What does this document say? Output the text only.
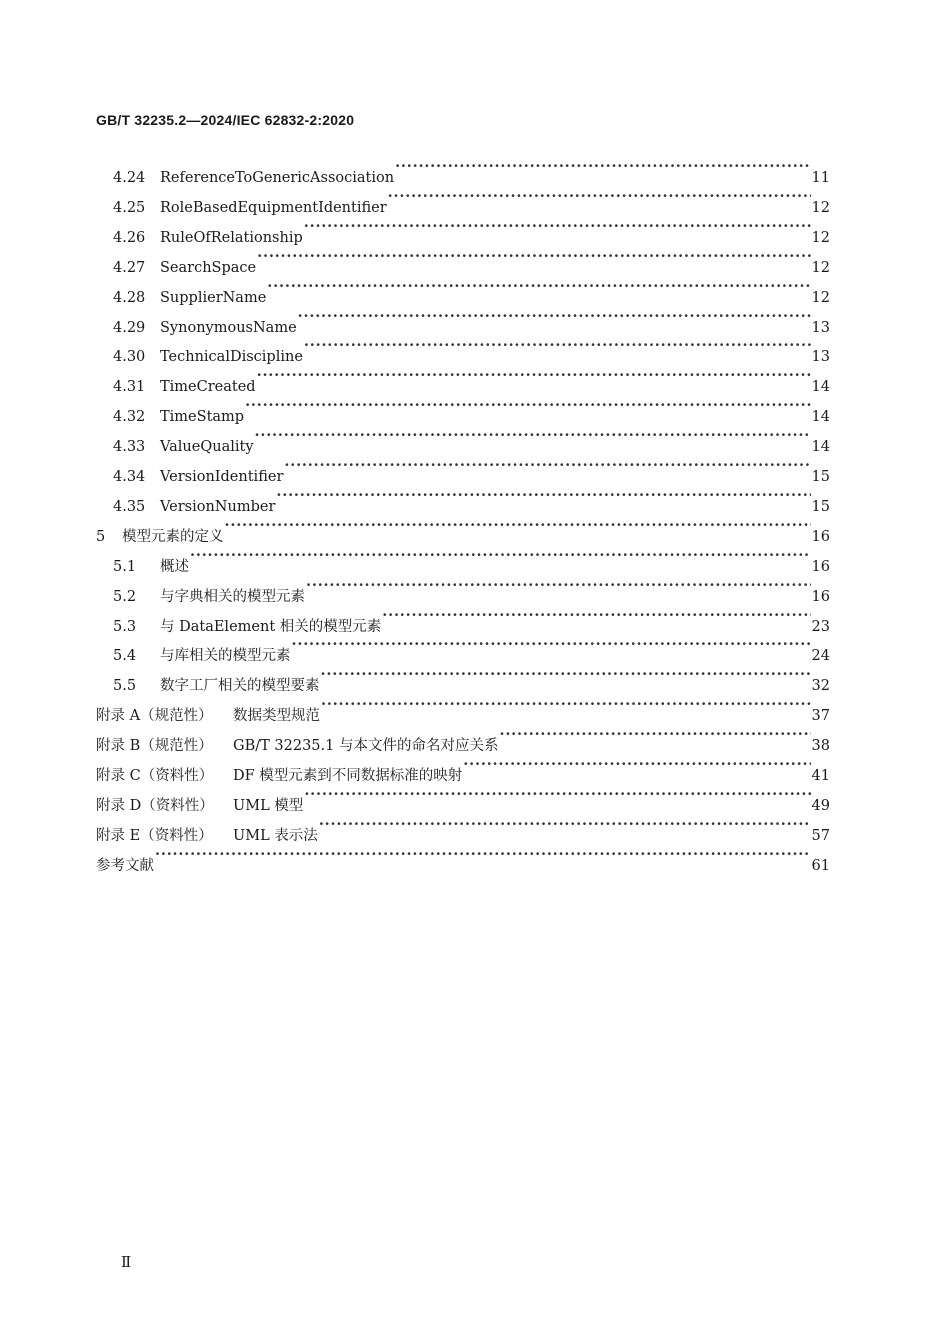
GB/T 32235.2—2024/IEC 62832-2:2020
4.24	ReferenceToGenericAssociation ·····	11
4.25	RoleBasedEquipmentIdentifier ·····	12
4.26	RuleOfRelationship ·····	12
4.27	SearchSpace ·····	12
4.28	SupplierName ·····	12
4.29	SynonymousName ·····	13
4.30	TechnicalDiscipline ·····	13
4.31	TimeCreated ·····	14
4.32	TimeStamp ·····	14
4.33	ValueQuality ·····	14
4.34	VersionIdentifier ·····	15
4.35	VersionNumber ·····	15
5	模型元素的定义 ·····	16
5.1	概述 ·····	16
5.2	与字典相关的模型元素 ·····	16
5.3	与 DataElement 相关的模型元素 ·····	23
5.4	与库相关的模型元素 ·····	24
5.5	数字工厂相关的模型要素 ·····	32
附录 A（规范性）	数据类型规范 ·····	37
附录 B（规范性）	GB/T 32235.1 与本文件的命名对应关系 ·····	38
附录 C（资料性）	DF 模型元素到不同数据标准的映射 ·····	41
附录 D（资料性）	UML 模型 ·····	49
附录 E（资料性）	UML 表示法 ·····	57
参考文献 ·····	61
Ⅱ
